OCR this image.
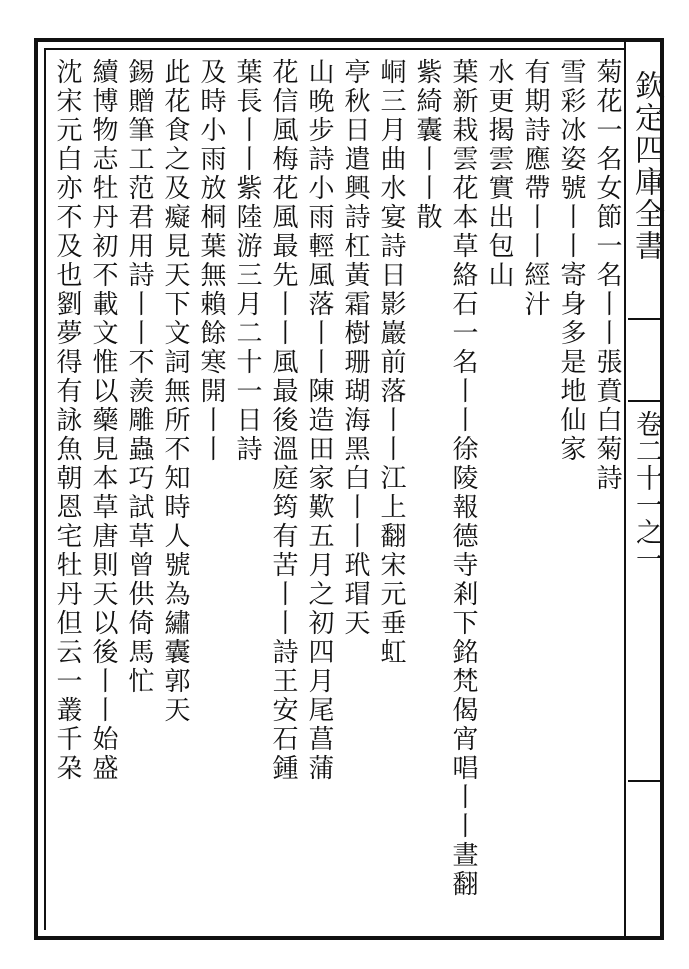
欽定四庫全書
卷二十一之一
菊花一名女節一名丨丨張賁白菊詩
雪彩冰姿號丨丨寄身多是地仙家
有期詩應帶丨丨經汁
水更揭雲實出包山
葉新栽雲花本草絡石一名丨丨徐陵報德寺剎下銘梵偈宵唱丨丨晝翻
紫綺囊丨丨散
峒三月曲水宴詩日影巖前落丨丨江上翻宋元垂虹
亭秋日遣興詩杠黃霜樹珊瑚海黑白丨丨玳瑁天
山晚步詩小雨輕風落丨丨陳造田家歎五月之初四月尾菖蒲
花信風梅花風最先丨丨風最後溫庭筠有苦丨丨詩王安石鍾
葉長丨丨紫陸游三月二十一日詩
及時小雨放桐葉無賴餘寒開丨丨
此花食之及癡見天下文詞無所不知時人號為繡囊郭天
錫贈筆工范君用詩丨丨不羨雕蟲巧試草曾供倚馬忙
續博物志牡丹初不載文惟以藥見本草唐則天以後丨丨始盛
沈宋元白亦不及也劉夢得有詠魚朝恩宅牡丹但云一叢千朶
